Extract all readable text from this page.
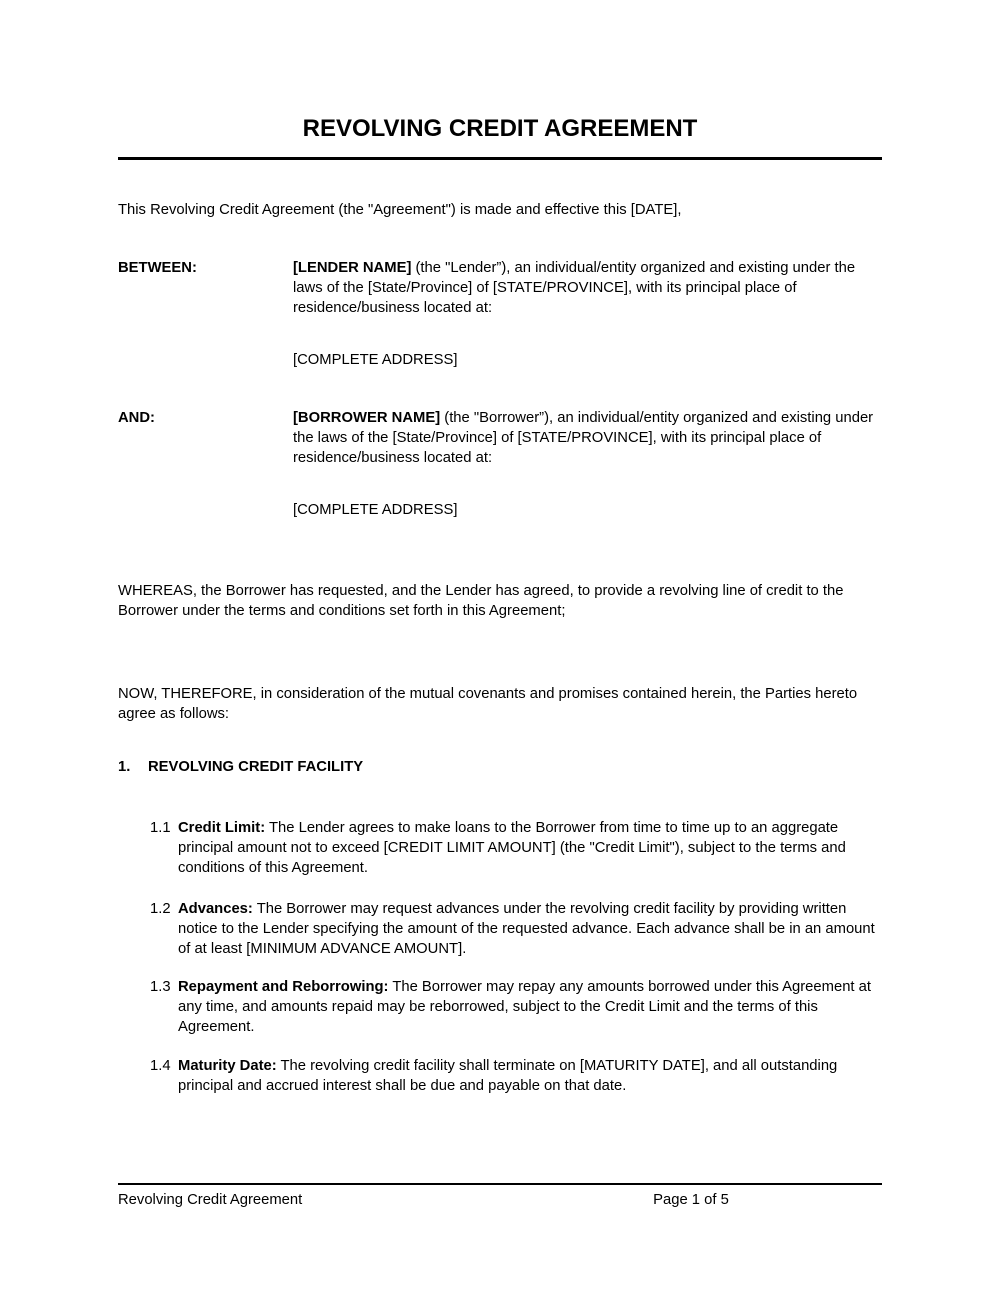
REVOLVING CREDIT AGREEMENT
This Revolving Credit Agreement (the "Agreement") is made and effective this [DATE],
BETWEEN:	[LENDER NAME] (the "Lender”), an individual/entity organized and existing under the laws of the [State/Province] of [STATE/PROVINCE], with its principal place of residence/business located at:
[COMPLETE ADDRESS]
AND:	[BORROWER NAME] (the "Borrower”), an individual/entity organized and existing under the laws of the [State/Province] of [STATE/PROVINCE], with its principal place of residence/business located at:
[COMPLETE ADDRESS]
WHEREAS, the Borrower has requested, and the Lender has agreed, to provide a revolving line of credit to the Borrower under the terms and conditions set forth in this Agreement;
NOW, THEREFORE, in consideration of the mutual covenants and promises contained herein, the Parties hereto agree as follows:
1. REVOLVING CREDIT FACILITY
1.1 Credit Limit: The Lender agrees to make loans to the Borrower from time to time up to an aggregate principal amount not to exceed [CREDIT LIMIT AMOUNT] (the "Credit Limit"), subject to the terms and conditions of this Agreement.
1.2 Advances: The Borrower may request advances under the revolving credit facility by providing written notice to the Lender specifying the amount of the requested advance. Each advance shall be in an amount of at least [MINIMUM ADVANCE AMOUNT].
1.3 Repayment and Reborrowing: The Borrower may repay any amounts borrowed under this Agreement at any time, and amounts repaid may be reborrowed, subject to the Credit Limit and the terms of this Agreement.
1.4 Maturity Date: The revolving credit facility shall terminate on [MATURITY DATE], and all outstanding principal and accrued interest shall be due and payable on that date.
Revolving Credit Agreement	Page 1 of 5
